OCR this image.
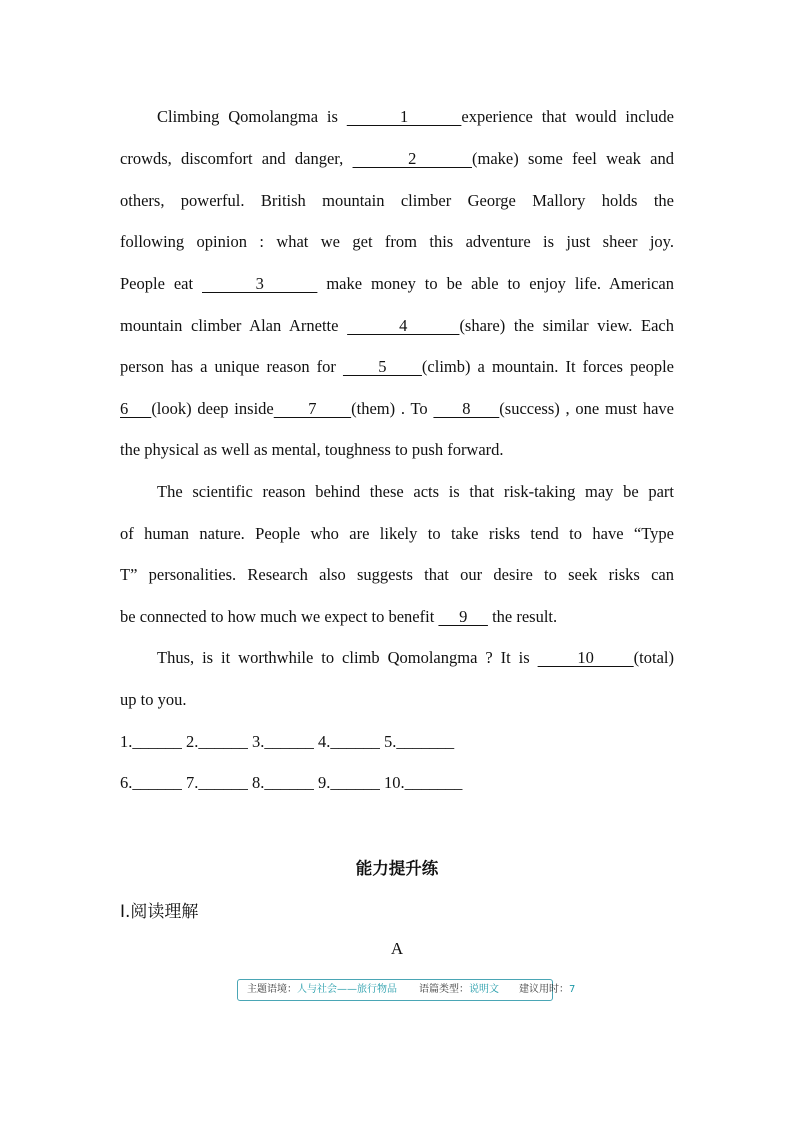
Climbing Qomolangma is       1      experience that would include
crowds, discomfort and danger,       2      (make) some feel weak and
others, powerful. British mountain climber George Mallory holds the
following opinion : what we get from this adventure is just sheer joy.
People eat       3       make money to be able to enjoy life. American
mountain climber Alan Arnette       4      (share) the similar view. Each
person has a unique reason for      5     (climb) a mountain. It forces people
6    (look) deep inside      7      (them) . To      8     (success) , one must have
the physical as well as mental, toughness to push forward.
The scientific reason behind these acts is that risk-taking may be part
of human nature. People who are likely to take risks tend to have “Type
T” personalities. Research also suggests that our desire to seek risks can
be connected to how much we expect to benefit      9      the result.
Thus, is it worthwhile to climb Qomolangma ? It is      10     (total)
up to you.
1.______ 2.______ 3.______ 4.______ 5._______
6.______ 7.______ 8.______ 9.______ 10._______
能力提升练
Ⅰ.阅读理解
A
主题语境：人与社会——旅行物品 语篇类型：说明文 建议用时：7
